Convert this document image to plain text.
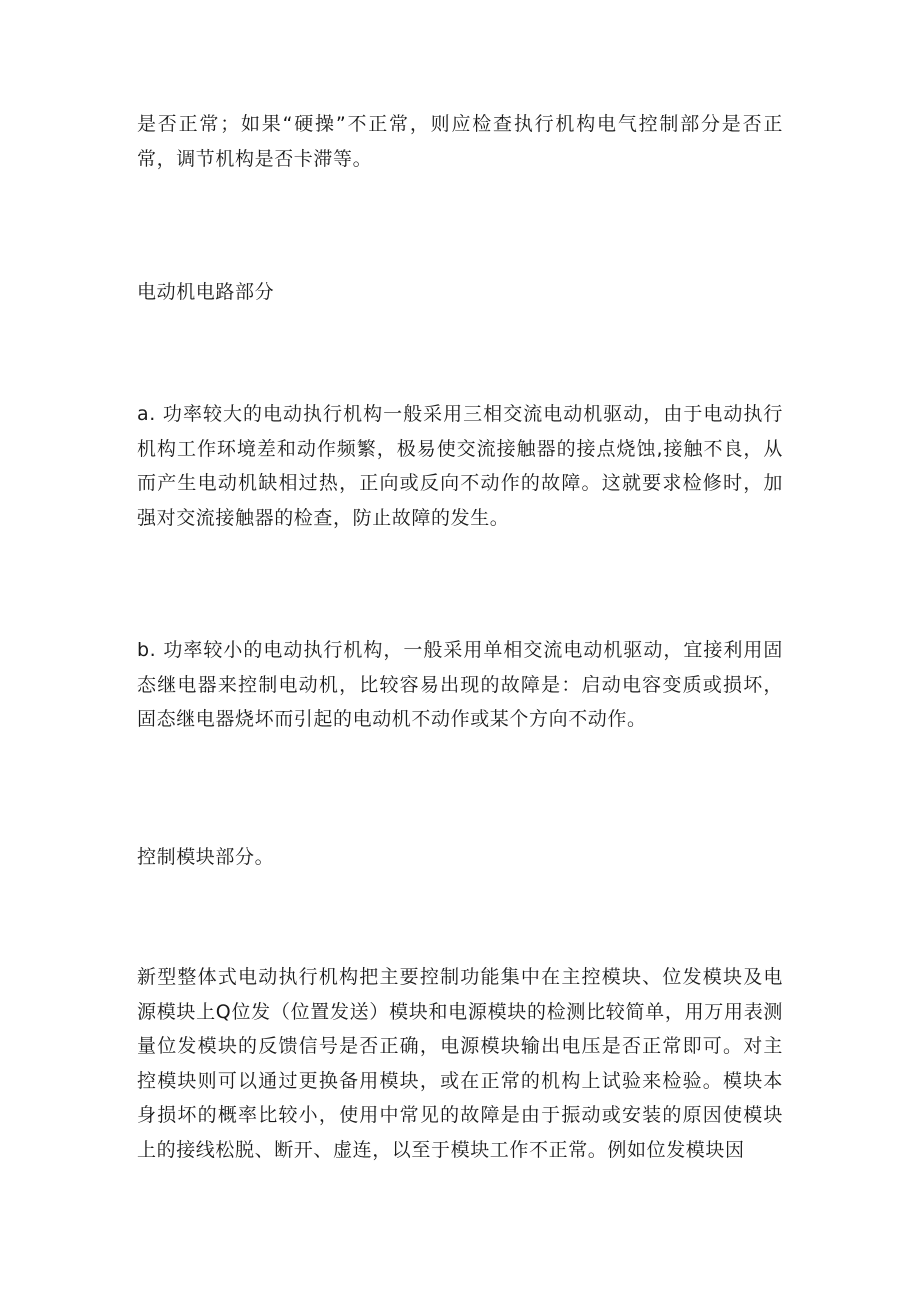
是否正常；如果“硬操”不正常，则应检查执行机构电气控制部分是否正常，调节机构是否卡滞等。

电动机电路部分

a. 功率较大的电动执行机构一般采用三相交流电动机驱动，由于电动执行机构工作环境差和动作频繁，极易使交流接触器的接点烧蚀,接触不良，从而产生电动机缺相过热，正向或反向不动作的故障。这就要求检修时，加强对交流接触器的检查，防止故障的发生。

b. 功率较小的电动执行机构，一般采用单相交流电动机驱动，宜接利用固态继电器来控制电动机，比较容易出现的故障是：启动电容变质或损坏，固态继电器烧坏而引起的电动机不动作或某个方向不动作。

控制模块部分。

新型整体式电动执行机构把主要控制功能集中在主控模块、位发模块及电源模块上Q位发（位置发送）模块和电源模块的检测比较简单，用万用表测量位发模块的反馈信号是否正确，电源模块输出电压是否正常即可。对主控模块则可以通过更换备用模块，或在正常的机构上试验来检验。模块本身损坏的概率比较小，使用中常见的故障是由于振动或安装的原因使模块上的接线松脱、断开、虚连，以至于模块工作不正常。例如位发模块因
